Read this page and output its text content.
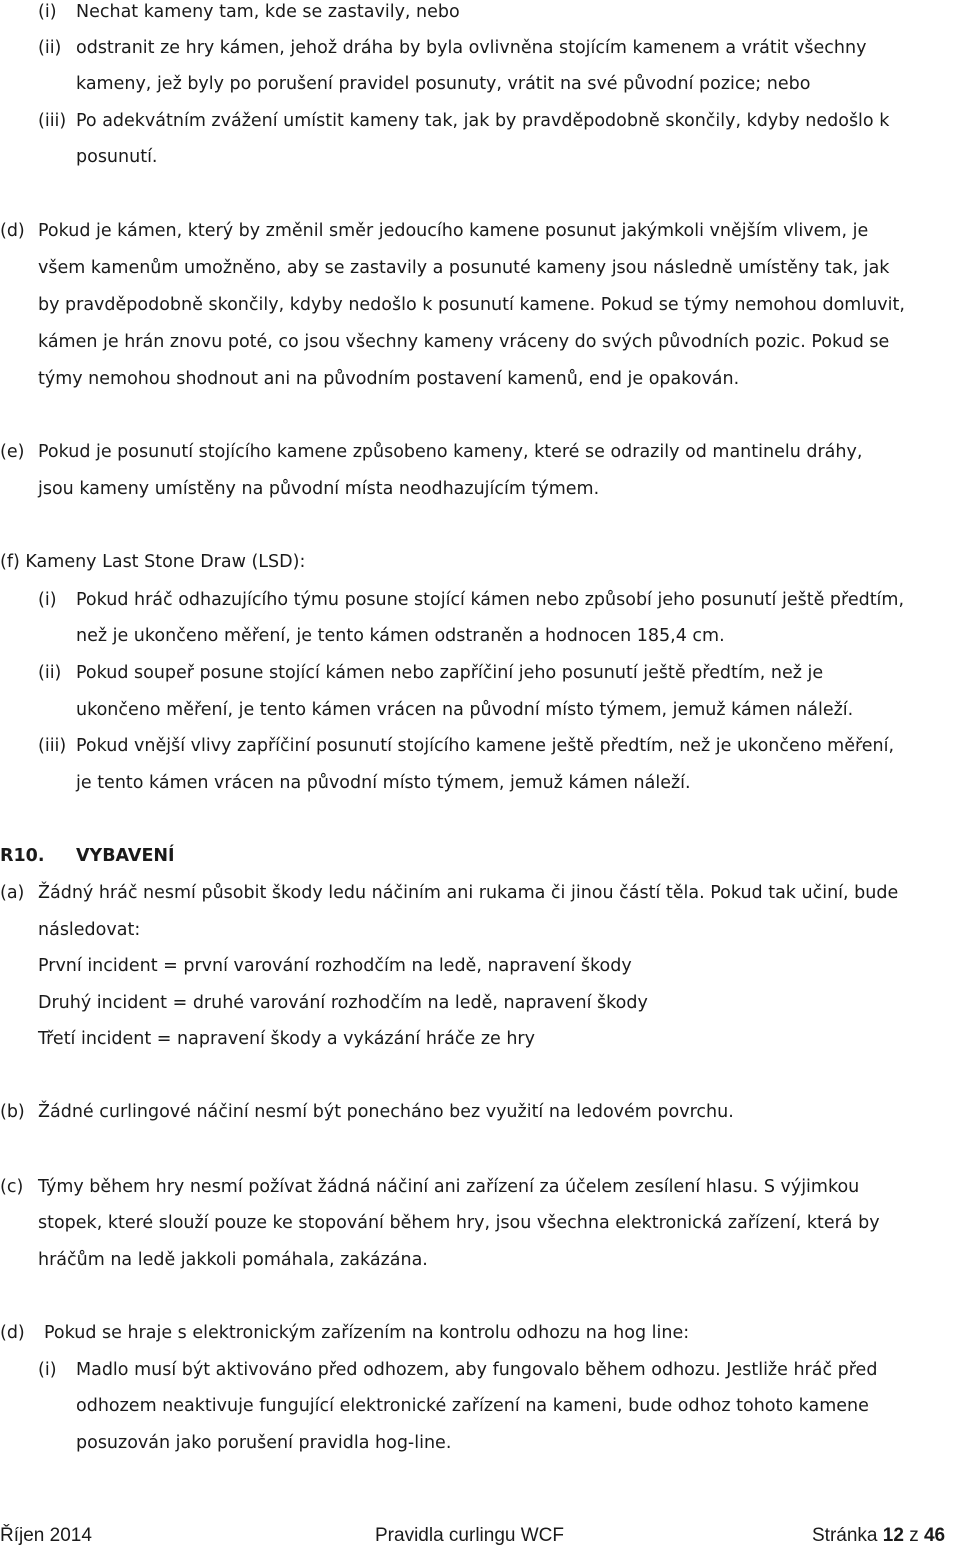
(i) Nechat kameny tam, kde se zastavily, nebo
(ii) odstranit ze hry kámen, jehož dráha by byla ovlivněna stojícím kamenem a vrátit všechny
kameny, jež byly po porušení pravidel posunuty, vrátit na své původní pozice; nebo
(iii) Po adekvátním zvážení umístit kameny tak, jak by pravděpodobně skončily, kdyby nedošlo k
posunutí.
(d) Pokud je kámen, který by změnil směr jedoucího kamene posunut jakýmkoli vnějším vlivem, je
všem kamenům umožněno, aby se zastavily a posunuté kameny jsou následně umístěny tak, jak
by pravděpodobně skončily, kdyby nedošlo k posunutí kamene. Pokud se týmy nemohou domluvit,
kámen je hrán znovu poté, co jsou všechny kameny vráceny do svých původních pozic. Pokud se
týmy nemohou shodnout ani na původním postavení kamenů, end je opakován.
(e) Pokud je posunutí stojícího kamene způsobeno kameny, které se odrazily od mantinelu dráhy,
jsou kameny umístěny na původní místa neodhazujícím týmem.
(f) Kameny Last Stone Draw (LSD):
(i) Pokud hráč odhazujícího týmu posune stojící kámen nebo způsobí jeho posunutí ještě předtím,
než je ukončeno měření, je tento kámen odstraněn a hodnocen 185,4 cm.
(ii) Pokud soupeř posune stojící kámen nebo zapříčiní jeho posunutí ještě předtím, než je
ukončeno měření, je tento kámen vrácen na původní místo týmem, jemuž kámen náleží.
(iii) Pokud vnější vlivy zapříčiní posunutí stojícího kamene ještě předtím, než je ukončeno měření,
je tento kámen vrácen na původní místo týmem, jemuž kámen náleží.
R10. VYBAVENÍ
(a) Žádný hráč nesmí působit škody ledu náčiním ani rukama či jinou částí těla. Pokud tak učiní, bude
následovat:
První incident = první varování rozhodčím na ledě, napravení škody
Druhý incident = druhé varování rozhodčím na ledě, napravení škody
Třetí incident = napravení škody a vykázání hráče ze hry
(b) Žádné curlingové náčiní nesmí být ponecháno bez využití na ledovém povrchu.
(c) Týmy během hry nesmí požívat žádná náčiní ani zařízení za účelem zesílení hlasu. S výjimkou
stopek, které slouží pouze ke stopování během hry, jsou všechna elektronická zařízení, která by
hráčům na ledě jakkoli pomáhala, zakázána.
(d) Pokud se hraje s elektronickým zařízením na kontrolu odhozu na hog line:
(i) Madlo musí být aktivováno před odhozem, aby fungovalo během odhozu. Jestliže hráč před
odhozem neaktivuje fungující elektronické zařízení na kameni, bude odhoz tohoto kamene
posuzován jako porušení pravidla hog-line.
Říjen 2014	Pravidla curlingu WCF	Stránka 12 z 46
